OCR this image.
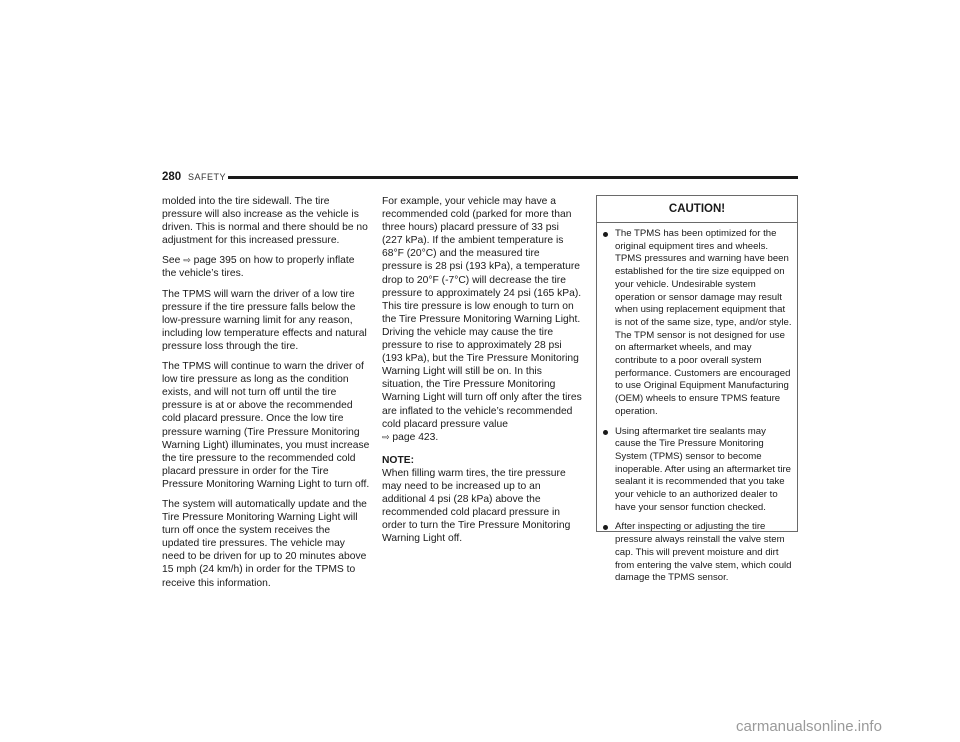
280 SAFETY

molded into the tire sidewall. The tire pressure will also increase as the vehicle is driven. This is normal and there should be no adjustment for this increased pressure.

See ⇨ page 395 on how to properly inflate the vehicle’s tires.

The TPMS will warn the driver of a low tire pressure if the tire pressure falls below the low-pressure warning limit for any reason, including low temperature effects and natural pressure loss through the tire.

The TPMS will continue to warn the driver of low tire pressure as long as the condition exists, and will not turn off until the tire pressure is at or above the recommended cold placard pressure. Once the low tire pressure warning (Tire Pressure Monitoring Warning Light) illuminates, you must increase the tire pressure to the recommended cold placard pressure in order for the Tire Pressure Monitoring Warning Light to turn off.

The system will automatically update and the Tire Pressure Monitoring Warning Light will turn off once the system receives the updated tire pressures. The vehicle may need to be driven for up to 20 minutes above 15 mph (24 km/h) in order for the TPMS to receive this information.

For example, your vehicle may have a recommended cold (parked for more than three hours) placard pressure of 33 psi (227 kPa). If the ambient temperature is 68°F (20°C) and the measured tire pressure is 28 psi (193 kPa), a temperature drop to 20°F (-7°C) will decrease the tire pressure to approximately 24 psi (165 kPa). This tire pressure is low enough to turn on the Tire Pressure Monitoring Warning Light. Driving the vehicle may cause the tire pressure to rise to approximately 28 psi (193 kPa), but the Tire Pressure Monitoring Warning Light will still be on. In this situation, the Tire Pressure Monitoring Warning Light will turn off only after the tires are inflated to the vehicle’s recommended cold placard pressure value
⇨ page 423.

NOTE:

When filling warm tires, the tire pressure may need to be increased up to an additional 4 psi (28 kPa) above the recommended cold placard pressure in order to turn the Tire Pressure Monitoring Warning Light off.

CAUTION!
The TPMS has been optimized for the original equipment tires and wheels. TPMS pressures and warning have been established for the tire size equipped on your vehicle. Undesirable system operation or sensor damage may result when using replacement equipment that is not of the same size, type, and/or style. The TPM sensor is not designed for use on aftermarket wheels, and may contribute to a poor overall system performance. Customers are encouraged to use Original Equipment Manufacturing (OEM) wheels to ensure TPMS feature operation.
Using aftermarket tire sealants may cause the Tire Pressure Monitoring System (TPMS) sensor to become inoperable. After using an aftermarket tire sealant it is recommended that you take your vehicle to an authorized dealer to have your sensor function checked.
After inspecting or adjusting the tire pressure always reinstall the valve stem cap. This will prevent moisture and dirt from entering the valve stem, which could damage the TPMS sensor.
carmanualsonline.info
